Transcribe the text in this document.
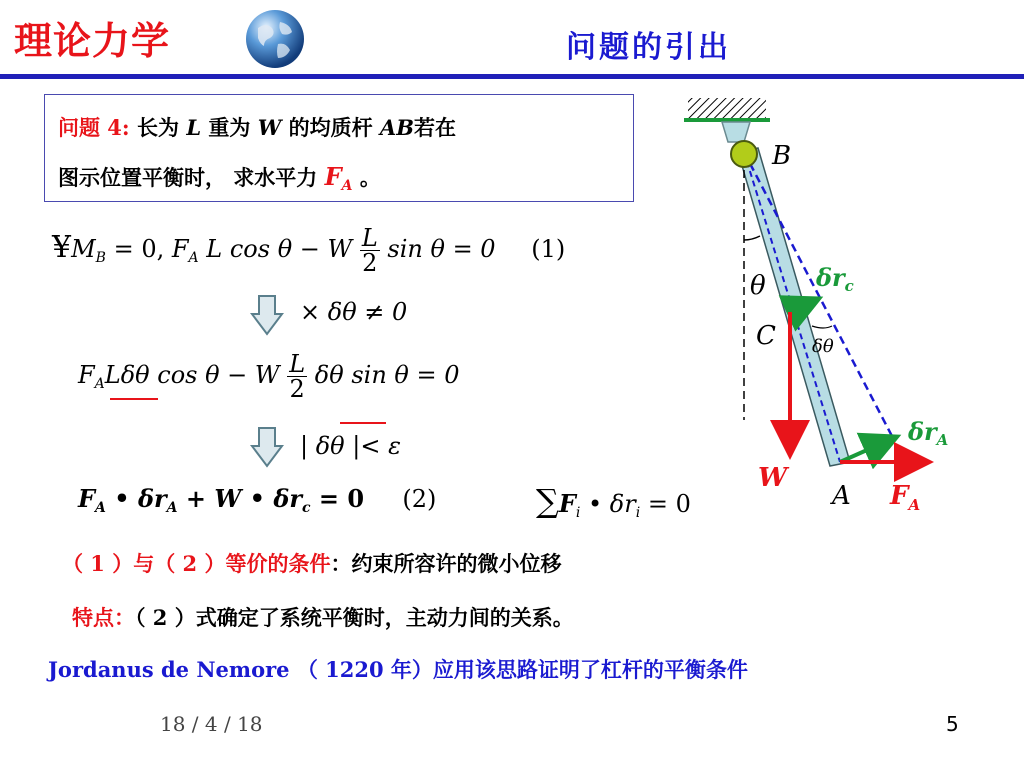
理论力学	问题的引出
问题 4: 长为 L 重为 W 的均质杆 AB若在
图示位置平衡时， 求水平力 $F_A$ 。
$¥M_B = 0$, $F_A$ L cos θ − W $\frac{L}{2}$ sin θ = 0 (1)
× δθ ≠ 0
$F_AL\delta\theta$ cos θ − W $\frac{L}{2}$ δθ sin θ = 0
| δθ |< ε
$F_A$ • $\delta r_A + W$ • $\delta r_c = 0$ (2)	$\sum F_i$ • $\delta r_i = 0$
（ 1 ）与（ 2 ）等价的条件：约束所容许的微小位移
特点：（ 2 ）式确定了系统平衡时，主动力间的关系。
Jordanus de Nemore （ 1220 年）应用该思路证明了杠杆的平衡条件
B
θ
C δθ
$\delta r_c$
$\delta r_A$
W
A $F_A$
18 / 4 / 18	5
